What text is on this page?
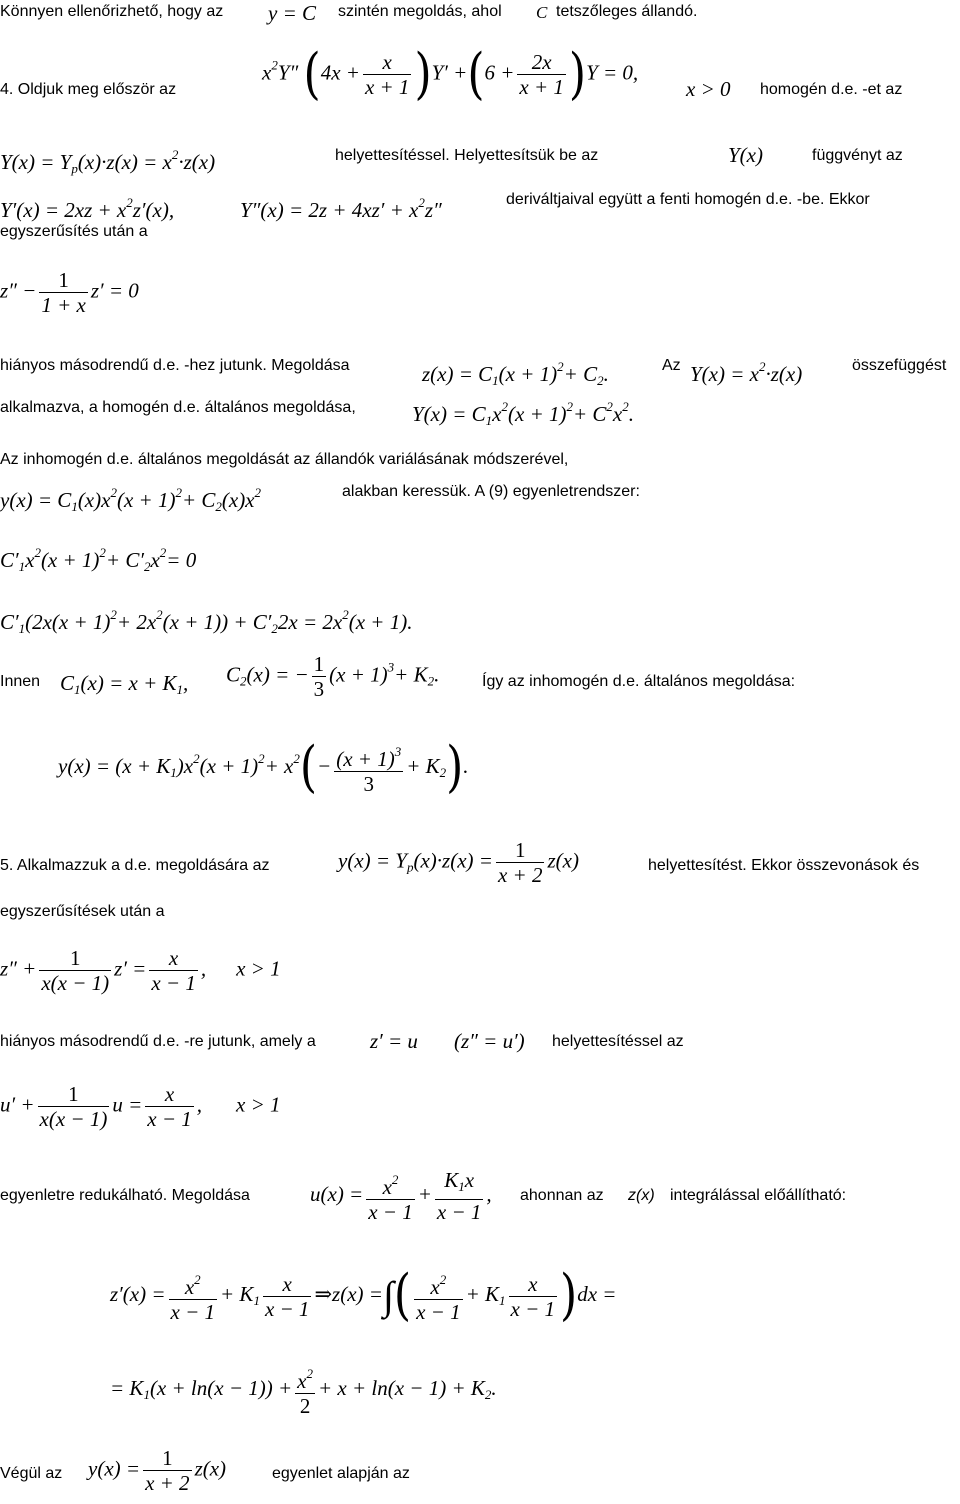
Könnyen ellenőrizhető, hogy az y = C szintén megoldás, ahol C tetszőleges állandó.
4. Oldjuk meg először az
$x^2Y''$ $(4x + \frac{x}{x + 1} )Y' +(6 + \frac{2x}{x + 1} )Y = 0$,
x > 0 homogén d.e. -et az
$Y(x) = Y_p(x)\cdot z(x) = x^2\cdot z(x)$	helyettesítéssel. Helyettesítsük be az	Y(x)	függvényt az
$Y'(x) = 2xz + x^2z'(x)$,	$Y''(x) = 2z + 4xz' + x^2z''$	deriváltjaival együtt a fenti homogén d.e. -be. Ekkor
egyszerűsítés után a
$z'' - \frac{1}{1 + x} z' = 0$
hiányos másodrendű d.e. -hez jutunk. Megoldása	$z(x) = C_1(x + 1)^2+ C_2$.	Az $Y(x) = x^2\cdot z(x)$	összefüggést
alkalmazva, a homogén d.e. általános megoldása,	$Y(x) = C_1x^2(x + 1)^2+ C^2x^2$.
Az inhomogén d.e. általános megoldását az állandók variálásának módszerével,
$y(x) = C_1(x)x^2(x + 1)^2+ C_2(x)x^2$	alakban keressük. A (9) egyenletrendszer:
$C'_1x^2(x + 1)^2+ C'_2x^2= 0$
$C'_1(2x(x + 1)^2+ 2x^2(x + 1)) + C'_22x = 2x^2(x + 1)$.
Innen $C_1(x) = x + K_1$, $C_2(x)$ = − $\frac{1}{3} (x + 1)^3+ K_2$.	Így az inhomogén d.e. általános megoldása:
$y(x) = (x + K_1)x^2(x + 1)^2+ x^2(- \frac{(x + 1)^3}{3} + K_2)$.
5. Alkalmazzuk a d.e. megoldására az	$y(x) = Y_p(x)\cdot z(x) = \frac{1}{x + 2} z(x)$	helyettesítést. Ekkor összevonások és
egyszerűsítések után a
$z'' + \frac{1}{x(x - 1)} z' = \frac{x}{x - 1}$ , x > 1
hiányos másodrendű d.e. -re jutunk, amely a	z′ = u (z″ = u′) helyettesítéssel az
$u' + \frac{1}{x(x - 1)}$ $u = \frac{x}{x - 1}$ , x > 1
egyenletre redukálható. Megoldása	$u(x) = \frac{x^2}{x - 1} + \frac{K_1x}{x - 1}$ , ahonnan az z(x) integrálással előállítható:
$z'(x) = \frac{x^2}{x - 1} + K_1 \frac{x}{x - 1}$ ⇒z(x) =∫( $\frac{x^2}{x - 1} + K_1 \frac{x}{x - 1} )dx$ =
= $K_1(x + \ln(x - 1)) + \frac{x^2}{2} + x + \ln(x - 1) + K_2$.
Végül az $y(x) = \frac{1}{x + 2} z(x)$	egyenlet alapján az
